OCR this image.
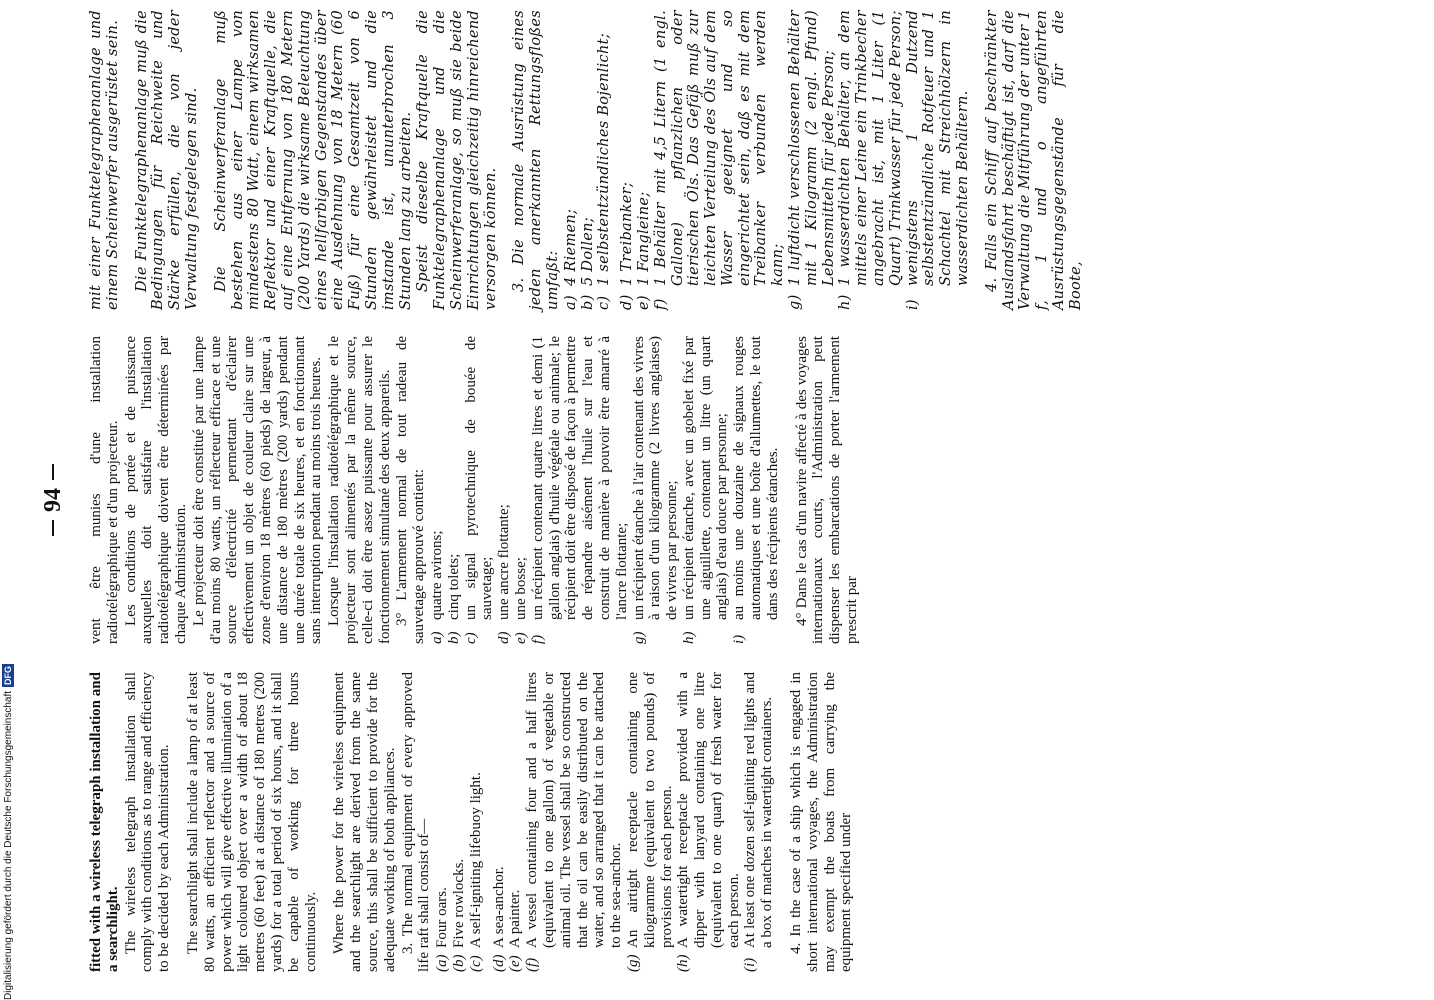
94

fitted with a wireless telegraph installation and a searchlight. The wireless telegraph installation shall comply with conditions as to range and efficiency to be decided by each Administration. The searchlight shall include a lamp of at least 80 watts, an efficient reflector and a source of power which will give effective illumination of a light coloured object over a width of about 18 metres (60 feet) at a distance of 180 metres (200 yards) for a total period of six hours, and it shall be capable of working for three hours continuously. Where the power for the wireless equipment and the searchlight are derived from the same source, this shall be sufficient to provide for the adequate working of both appliances. 3. The normal equipment of every approved life raft shall consist of— (a)
Four oars.
(b)
Five rowlocks.
(c)
A self-igniting lifebuoy light.
(d)
A sea-anchor.
(e)
A painter.
(f)
A vessel containing four and a half litres (equivalent to one gallon) of vegetable or animal oil. The vessel shall be so constructed that the oil can be easily distributed on the water, and so arranged that it can be attached to the sea-anchor.
(g)
An airtight receptacle containing one kilogramme (equivalent to two pounds) of provisions for each person.
(h)
A watertight receptacle provided with a dipper with lanyard containing one litre (equivalent to one quart) of fresh water for each person.
(i)
At least one dozen self-igniting red lights and a box of matches in watertight containers. 4. In the case of a ship which is engaged in short international voyages, the Administration may exempt the boats from carrying the equipment specified under

vent être munies d'une installation radiotélégraphique et d'un projecteur. Les conditions de portée et de puissance auxquelles doit satisfaire l'installation radiotélégraphique doivent être déterminées par chaque Administration. Le projecteur doit être constitué par une lampe d'au moins 80 watts, un réflecteur efficace et une source d'électricité permettant d'éclairer effectivement un objet de couleur claire sur une zone d'environ 18 mètres (60 pieds) de largeur, à une distance de 180 mètres (200 yards) pendant une durée totale de six heures, et en fonctionnant sans interruption pendant au moins trois heures. Lorsque l'installation radiotélégraphique et le projecteur sont alimentés par la même source, celle-ci doit être assez puissante pour assurer le fonctionnement simultané des deux appareils. 3° L'armement normal de tout radeau de sauvetage approuvé contient: a)
quatre avirons;
b)
cinq tolets;
c)
un signal pyrotechnique de bouée de sauvetage;
d)
une ancre flottante;
e)
une bosse;
f)
un récipient contenant quatre litres et demi (1 gallon anglais) d'huile végétale ou animale; le récipient doit être disposé de façon à permettre de répandre aisément l'huile sur l'eau et construit de manière à pouvoir être amarré à l'ancre flottante;
g)
un récipient étanche à l'air contenant des vivres à raison d'un kilogramme (2 livres anglaises) de vivres par personne;
h)
un récipient étanche, avec un gobelet fixé par une aiguillette, contenant un litre (un quart anglais) d'eau douce par personne;
i)
au moins une douzaine de signaux rouges automatiques et une boîte d'allumettes, le tout dans des récipients étanches. 4° Dans le cas d'un navire affecté à des voyages internationaux courts, l'Administration peut dispenser les embarcations de porter l'armement prescrit par

mit einer Funktelegraphenanlage und einem Scheinwerfer ausgerüstet sein. Die Funktelegraphenanlage muß die Bedingungen für Reichweite und Stärke erfüllen, die von jeder Verwaltung festgelegen sind. Die Scheinwerferanlage muß bestehen aus einer Lampe von mindestens 80 Watt, einem wirksamen Reflektor und einer Kraftquelle, die auf eine Entfernung von 180 Metern (200 Yards) die wirksame Beleuchtung eines hellfarbigen Gegenstandes über eine Ausdehnung von 18 Metern (60 Fuß) für eine Gesamtzeit von 6 Stunden gewährleistet und die imstande ist, ununterbrochen 3 Stunden lang zu arbeiten. Speist dieselbe Kraftquelle die Funktelegraphenanlage und die Scheinwerferanlage, so muß sie beide Einrichtungen gleichzeitig hinreichend versorgen können. 3. Die normale Ausrüstung eines jeden anerkannten Rettungsfloßes umfaßt: a)
4 Riemen;
b)
5 Dollen;
c)
1 selbstentzündliches Bojenlicht;
d)
1 Treibanker;
e)
1 Fangleine;
f)
1 Behälter mit 4,5 Litern (1 engl. Gallone) pflanzlichen oder tierischen Öls. Das Gefäß muß zur leichten Verteilung des Öls auf dem Wasser geeignet und so eingerichtet sein, daß es mit dem Treibanker verbunden werden kann;
g)
1 luftdicht verschlossenen Behälter mit 1 Kilogramm (2 engl. Pfund) Lebensmitteln für jede Person;
h)
1 wasserdichten Behälter, an dem mittels einer Leine ein Trinkbecher angebracht ist, mit 1 Liter (1 Quart) Trinkwasser für jede Person;
i)
wenigstens 1 Dutzend selbstentzündliche Rotfeuer und 1 Schachtel mit Streichhölzern in wasserdichten Behältern. 4. Falls ein Schiff auf beschränkter Auslandsfahrt beschäftigt ist, darf die Verwaltung die Mitführung der unter 1 f, 1 und o angeführten Ausrüstungsgegenstände für die Boote,

Digitalisierung gefördert durch die Deutsche Forschungsgemeinschaft
DFG
